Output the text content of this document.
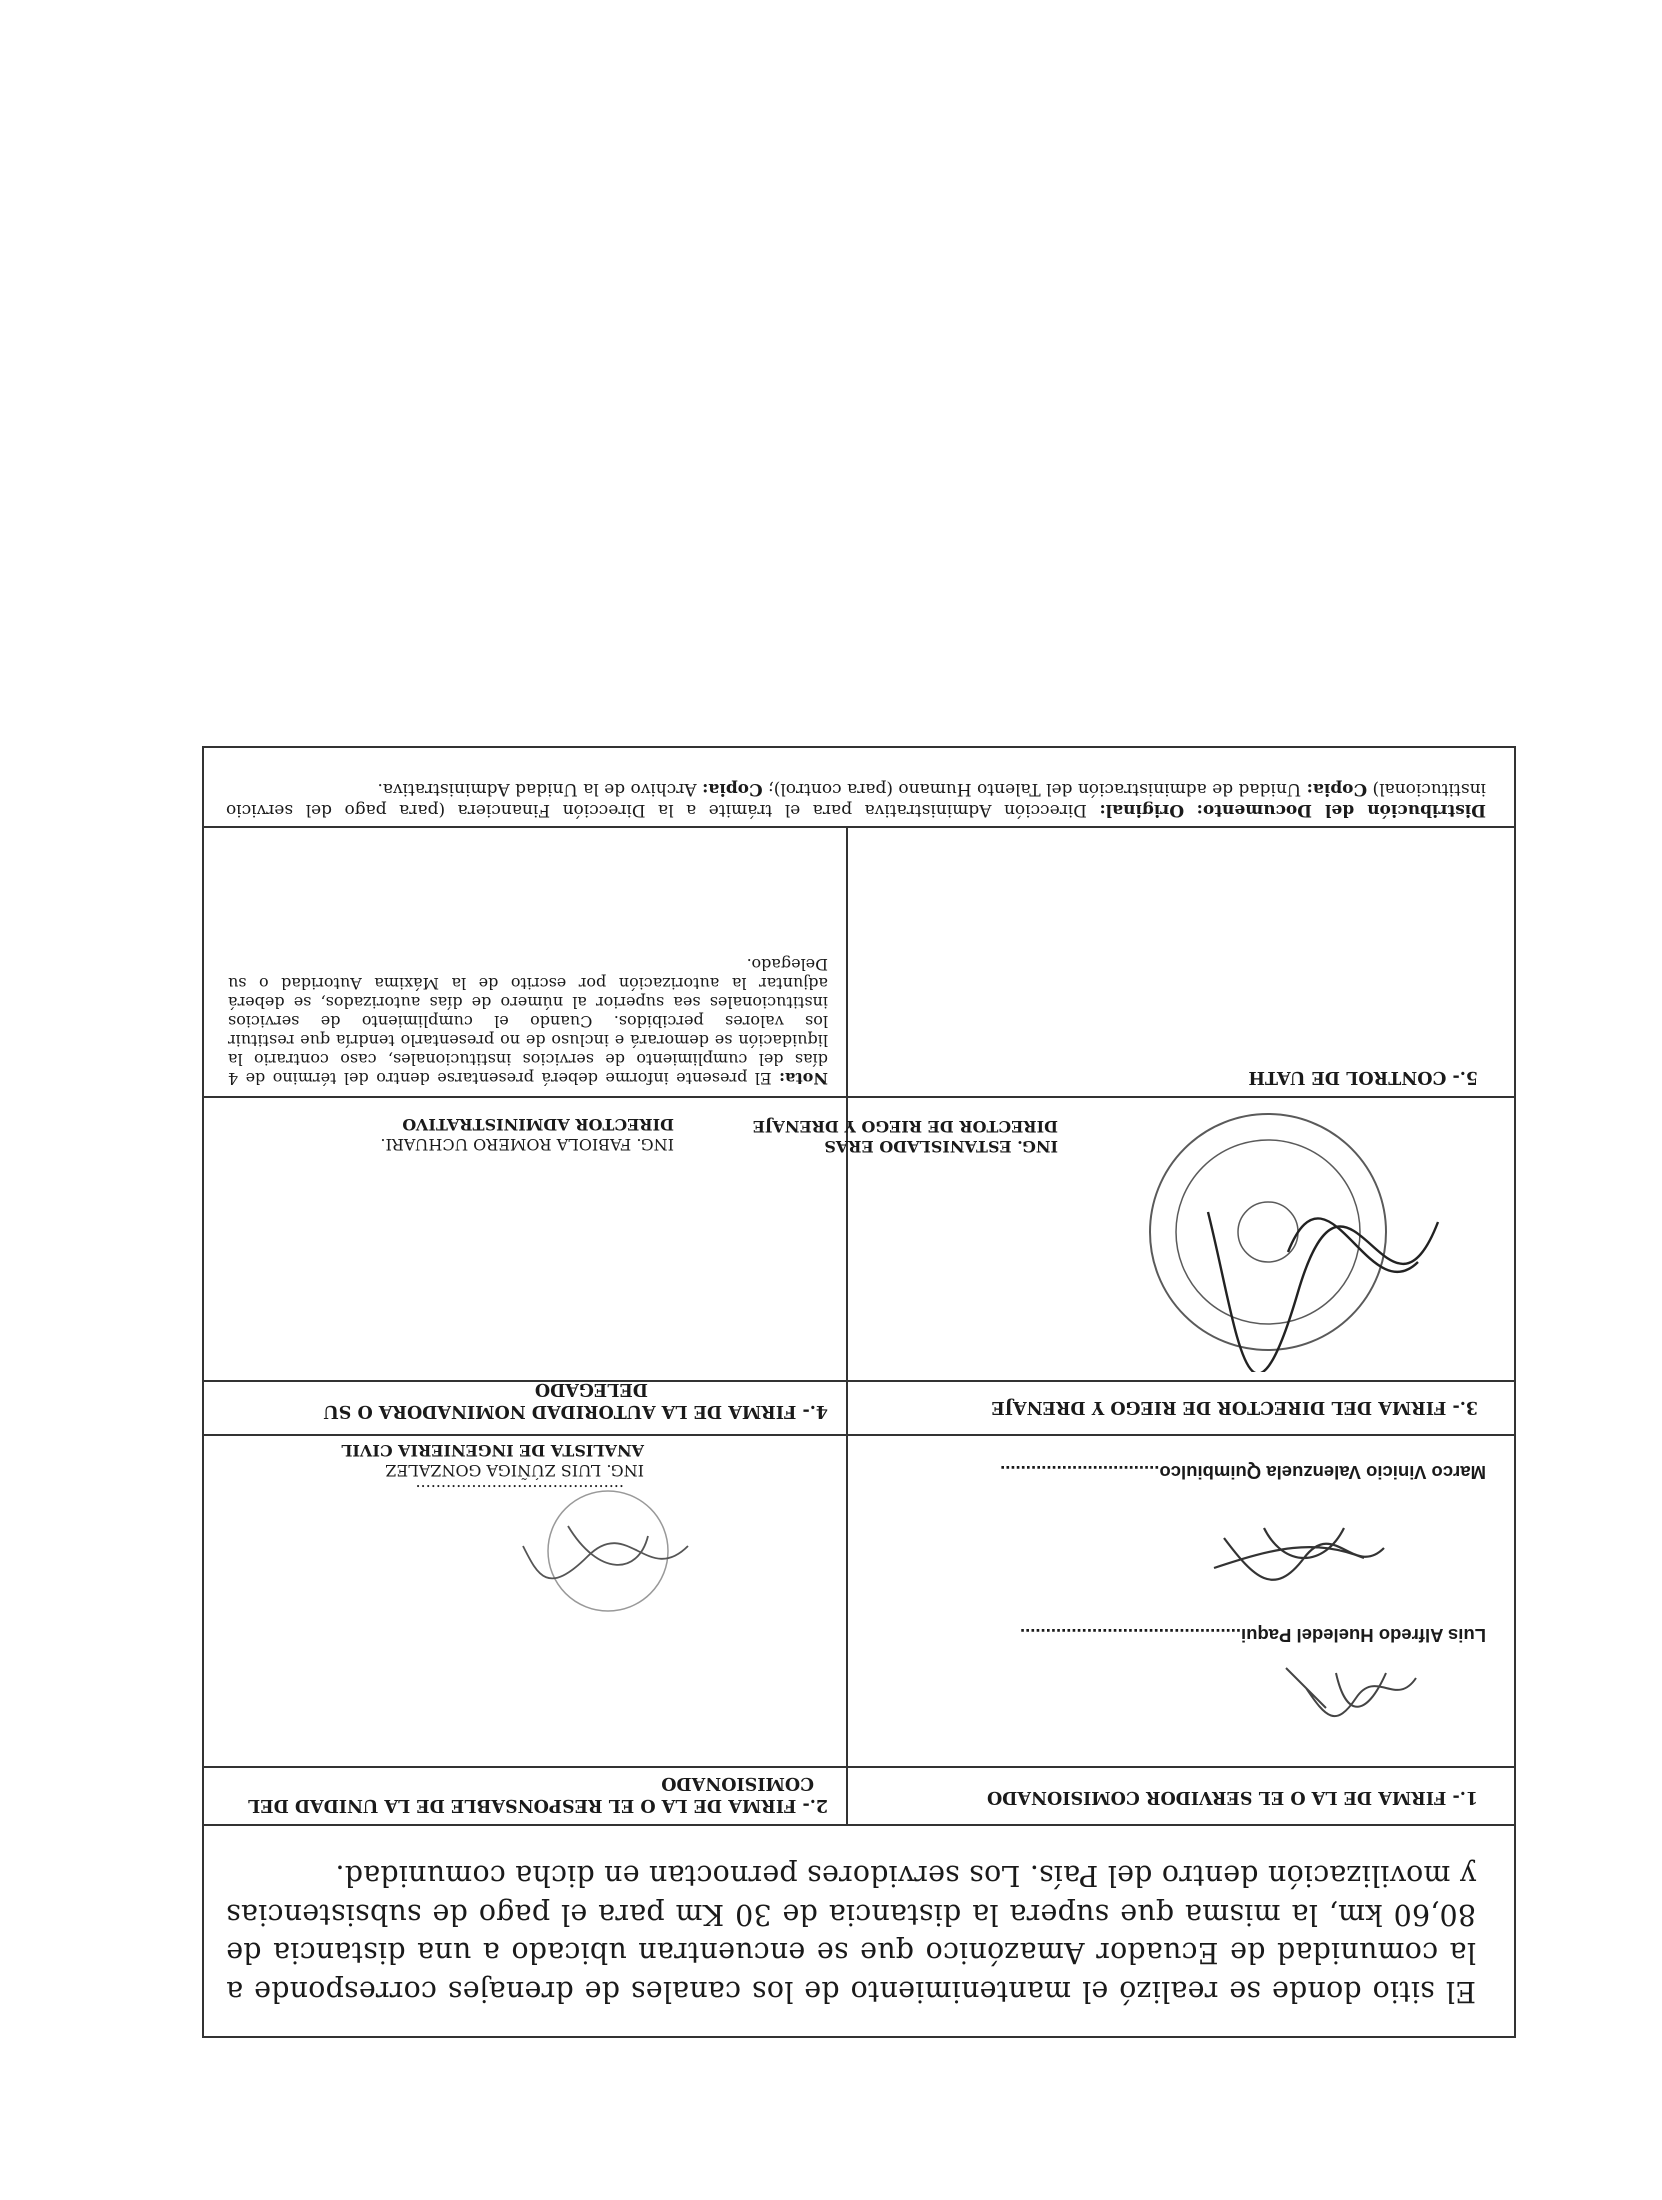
El sitio donde se realizó el mantenimiento de los canales de drenajes corresponde a la comunidad de Ecuador Amazónico que se encuentran ubicado a una distancia de 80,60 km, la misma que supera la distancia de 30 Km para el pago de subsistencias y movilización dentro del País. Los servidores pernoctan en dicha comunidad.
1.- FIRMA DE LA O EL SERVIDOR COMISIONADO
Luis Alfredo Hueledel Paqui...........................................
Marco Vinicio Valenzuela Quimbiulco...............................
2.- FIRMA DE LA O EL RESPONSABLE DE LA UNIDAD DEL
COMISIONADO
.........................................
ING. LUIS ZÚÑIGA GONZALEZ
ANALISTA DE INGENIERIA CIVIL
3.- FIRMA DEL DIRECTOR DE RIEGO Y DRENAJE
ING. ESTANISLADO ERAS
DIRECTOR DE RIEGO Y DRENAJE
4.- FIRMA DE LA AUTORIDAD NOMINADORA O SU
DELEGADO
ING. FABIOLA ROMERO UCHUARI.
DIRECTOR ADMINISTRATIVO
5.- CONTROL DE UATH
Nota: El presente informe deberá presentarse dentro del término de 4 días del cumplimiento de servicios institucionales, caso contrario la liquidación se demorará e incluso de no presentarlo tendría que restituir los valores percibidos. Cuando el cumplimiento de servicios institucionales sea superior al número de días autorizados, se deberá adjuntar la autorización por escrito de la Máxima Autoridad o su Delegado.
Distribución del Documento: Original: Dirección Administrativa para el trámite a la Dirección Financiera (para pago del servicio institucional) Copia: Unidad de administración del Talento Humano (para control); Copia: Archivo de la Unidad Administrativa.
